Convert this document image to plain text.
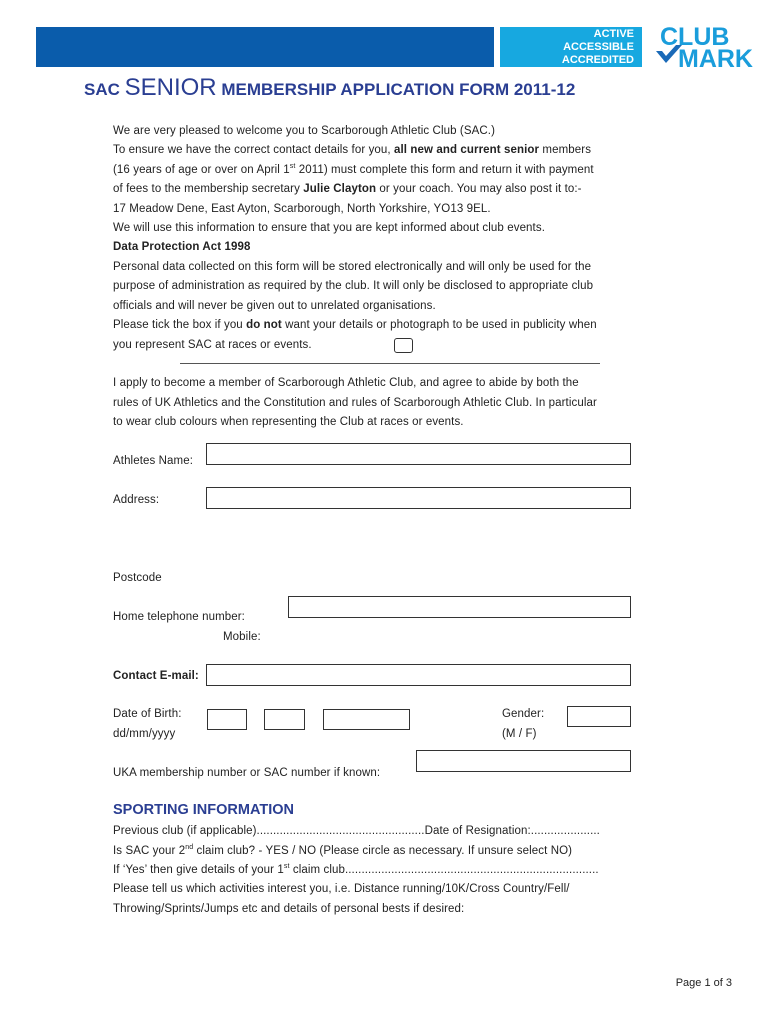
ACTIVE
ACCESSIBLE
ACCREDITED
CLUB
MARK
SAC SENIOR MEMBERSHIP APPLICATION FORM 2011-12
We are very pleased to welcome you to Scarborough Athletic Club (SAC.)
To ensure we have the correct contact details for you, all new and current senior members
(16 years of age or over on April 1st 2011) must complete this form and return it with payment
of fees to the membership secretary Julie Clayton or your coach. You may also post it to:-
17 Meadow Dene, East Ayton, Scarborough, North Yorkshire, YO13 9EL.
We will use this information to ensure that you are kept informed about club events.
Data Protection Act 1998
Personal data collected on this form will be stored electronically and will only be used for the
purpose of administration as required by the club. It will only be disclosed to appropriate club
officials and will never be given out to unrelated organisations.
Please tick the box if you do not want your details or photograph to be used in publicity when
you represent SAC at races or events.
I apply to become a member of Scarborough Athletic Club, and agree to abide by both the
rules of UK Athletics and the Constitution and rules of Scarborough Athletic Club. In particular
to wear club colours when representing the Club at races or events.
Athletes Name:
Address:
Postcode
Home telephone number:
Mobile:
Contact E-mail:
Date of Birth:
dd/mm/yyyy
Gender:
(M / F)
UKA membership number or SAC number if known:
SPORTING INFORMATION
Previous club (if applicable)...................................................Date of Resignation:.....................
Is SAC your 2nd claim club? - YES / NO (Please circle as necessary. If unsure select NO)
If ‘Yes’ then give details of your 1st claim club.............................................................................
Please tell us which activities interest you, i.e. Distance running/10K/Cross Country/Fell/
Throwing/Sprints/Jumps etc and details of personal bests if desired:
Page 1 of 3
